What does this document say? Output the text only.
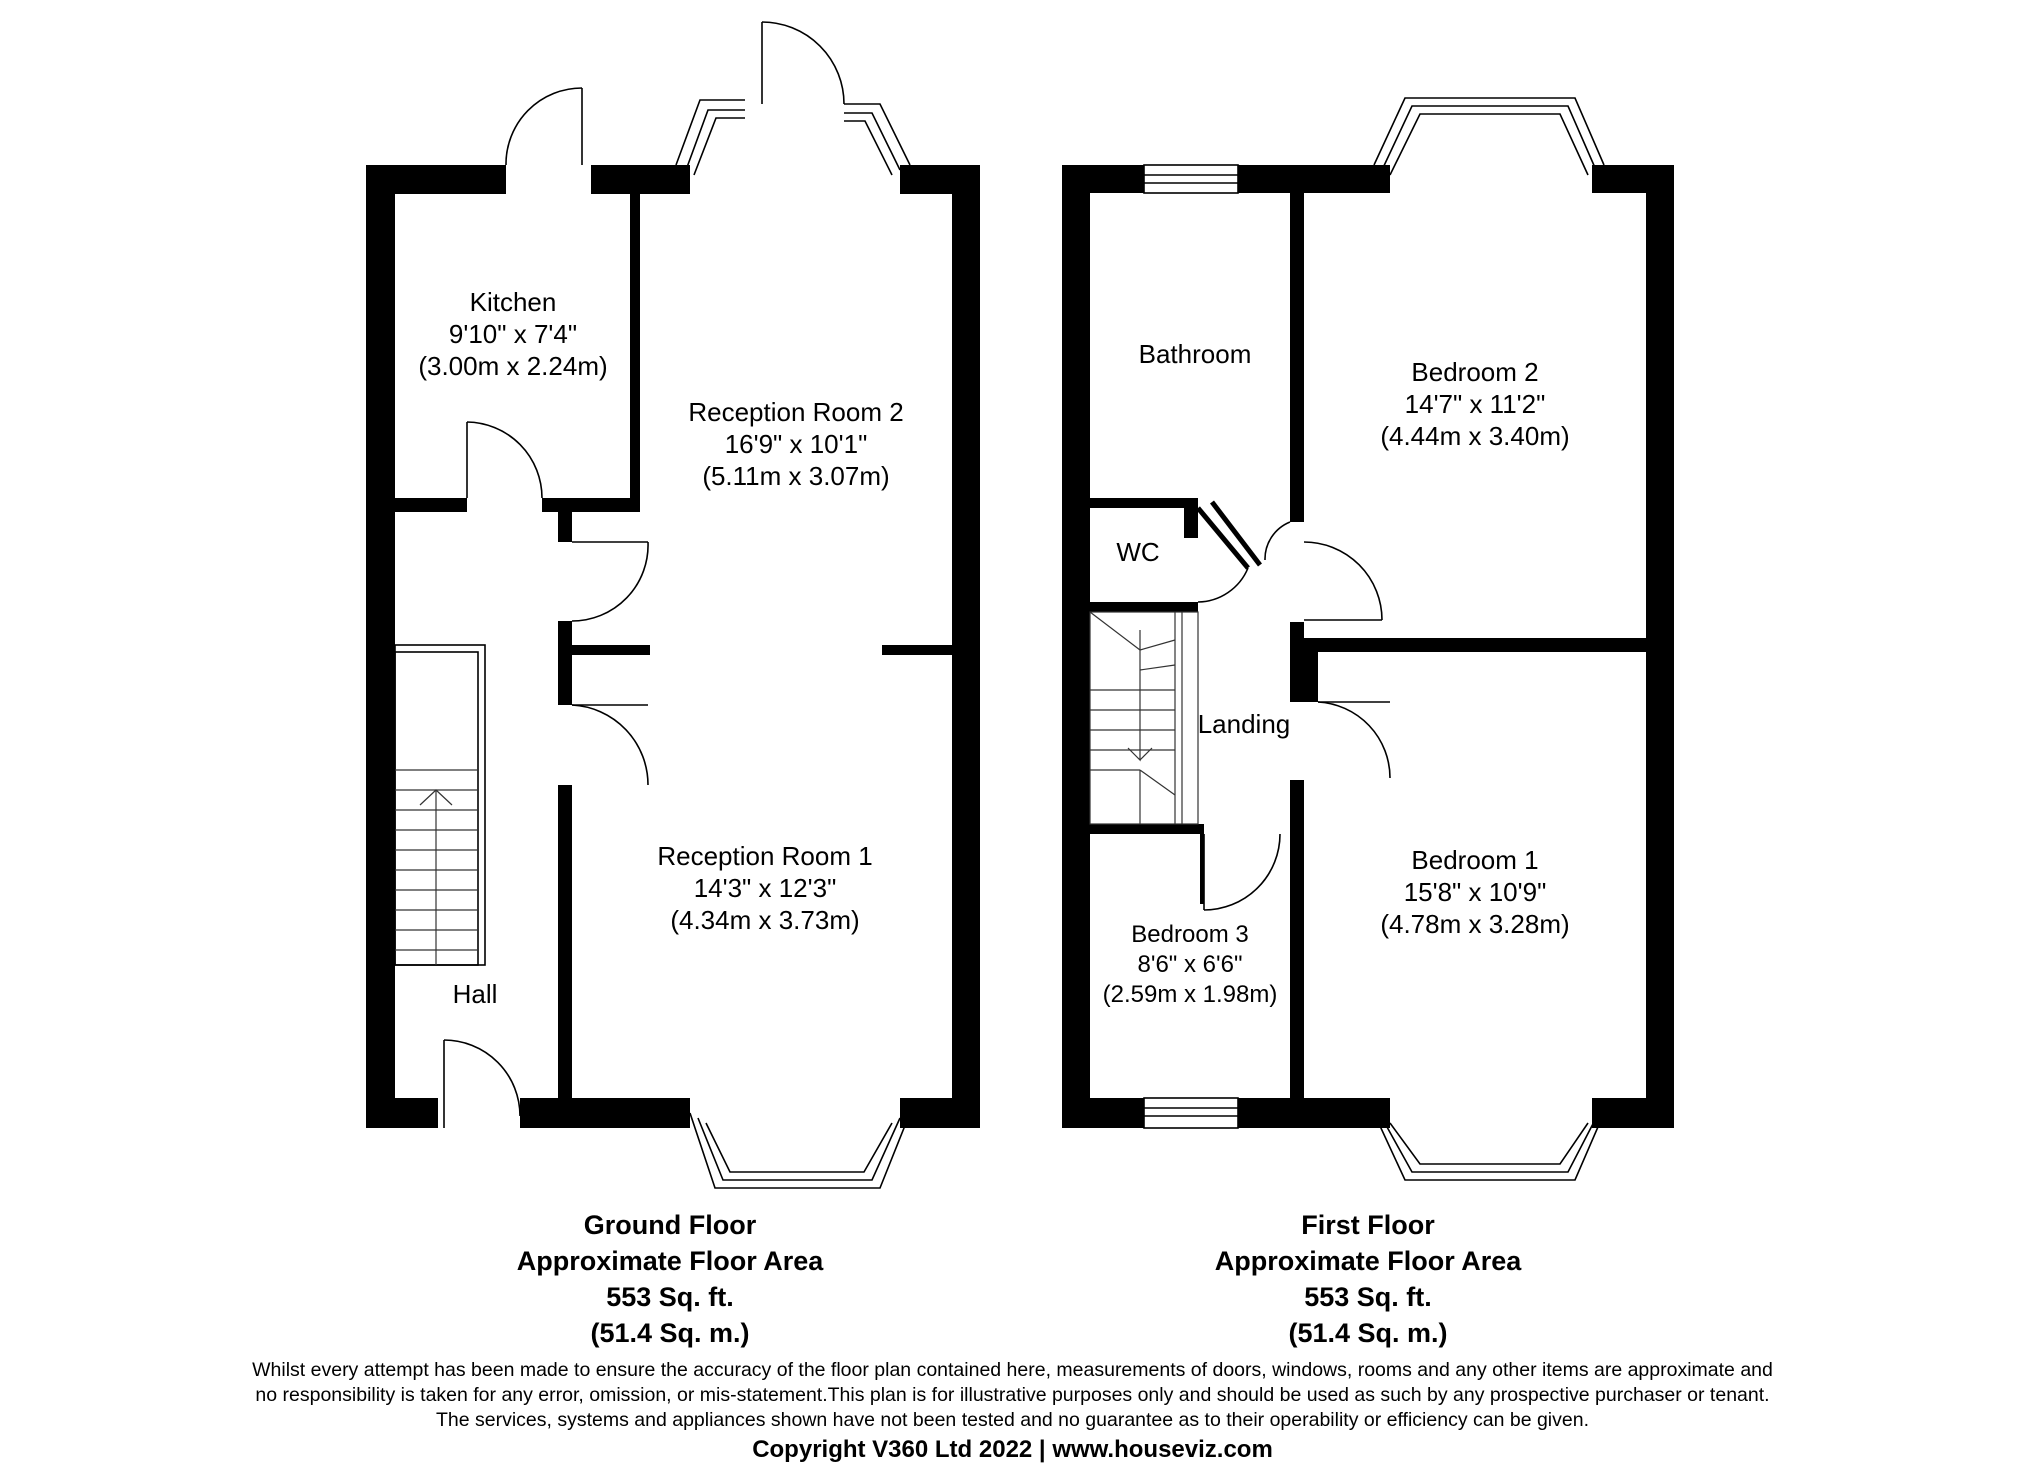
Kitchen
9'10" x 7'4"
(3.00m x 2.24m)
Reception Room 2
16'9" x 10'1"
(5.11m x 3.07m)
Reception Room 1
14'3" x 12'3"
(4.34m x 3.73m)
Hall
Bathroom
Bedroom 2
14'7" x 11'2"
(4.44m x 3.40m)
WC
Landing
Bedroom 1
15'8" x 10'9"
(4.78m x 3.28m)
Bedroom 3
8'6" x 6'6"
(2.59m x 1.98m)
Ground Floor
Approximate Floor Area
553 Sq. ft.
(51.4 Sq. m.)
First Floor
Approximate Floor Area
553 Sq. ft.
(51.4 Sq. m.)
Whilst every attempt has been made to ensure the accuracy of the floor plan contained here, measurements of doors, windows, rooms and any other items are approximate and
no responsibility is taken for any error, omission, or mis-statement.This plan is for illustrative purposes only and should be used as such by any prospective purchaser or tenant.
The services, systems and appliances shown have not been tested and no guarantee as to their operability or efficiency can be given.
Copyright V360 Ltd 2022 | www.houseviz.com
